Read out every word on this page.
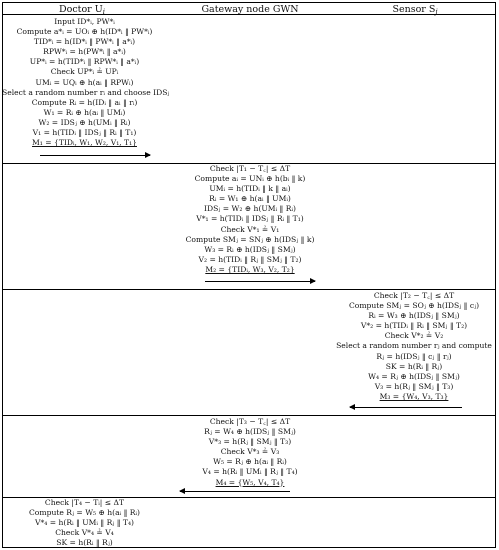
Doctor $U_i$	Gateway node GWN	Sensor $S_j$
Input ID*ᵢ, PW*ᵢ
Compute a*ᵢ = UOᵢ ⊕ h(ID*ᵢ ‖ PW*ᵢ)
TID*ᵢ = h(ID*ᵢ ‖ PW*ᵢ ‖ a*ᵢ)
RPW*ᵢ = h(PW*ᵢ ‖ a*ᵢ)
UP*ᵢ = h(TID*ᵢ ‖ RPW*ᵢ ‖ a*ᵢ)
Check UP*ᵢ ≟ UPᵢ
UMᵢ = UQᵢ ⊕ h(aᵢ ‖ RPWᵢ)
Select a random number rᵢ and choose IDSⱼ
Compute Rᵢ = h(IDᵢ ‖ aᵢ ‖ rᵢ)
W₁ = Rᵢ ⊕ h(aᵢ ‖ UMᵢ)
W₂ = IDSⱼ ⊕ h(UMᵢ ‖ Rᵢ)
V₁ = h(TIDᵢ ‖ IDSⱼ ‖ Rᵢ ‖ T₁)
M₁ = {TIDᵢ, W₁, W₂, V₁, T₁}
Check |T₁ − T꜀| ≤ ΔT
Compute aᵢ = UNᵢ ⊕ h(bᵢ ‖ k)
UMᵢ = h(TIDᵢ ‖ k ‖ aᵢ)
Rᵢ = W₁ ⊕ h(aᵢ ‖ UMᵢ)
IDSⱼ = W₂ ⊕ h(UMᵢ ‖ Rᵢ)
V*₁ = h(TIDᵢ ‖ IDSⱼ ‖ Rᵢ ‖ T₁)
Check V*₁ ≟ V₁
Compute SMⱼ = SNⱼ ⊕ h(IDSⱼ ‖ k)
W₃ = Rᵢ ⊕ h(IDSⱼ ‖ SMⱼ)
V₂ = h(TIDᵢ ‖ Rⱼ ‖ SMⱼ ‖ T₂)
M₂ = {TIDᵢ, W₃, V₂, T₂}
Check |T₂ − T꜀| ≤ ΔT
Compute SMⱼ = SOⱼ ⊕ h(IDSⱼ ‖ cⱼ)
Rᵢ = W₃ ⊕ h(IDSⱼ ‖ SMⱼ)
V*₂ = h(TIDᵢ ‖ Rᵢ ‖ SMⱼ ‖ T₂)
Check V*₂ ≟ V₂
Select a random number rⱼ and compute
Rⱼ = h(IDSⱼ ‖ cⱼ ‖ rⱼ)
SK = h(Rᵢ ‖ Rⱼ)
W₄ = Rⱼ ⊕ h(IDSⱼ ‖ SMⱼ)
V₃ = h(Rⱼ ‖ SMⱼ ‖ T₃)
M₃ = {W₄, V₃, T₃}
Check |T₃ − T꜀| ≤ ΔT
Rⱼ = W₄ ⊕ h(IDSⱼ ‖ SMⱼ)
V*₃ = h(Rⱼ ‖ SMⱼ ‖ T₃)
Check V*₃ ≟ V₃
W₅ = Rⱼ ⊕ h(aᵢ ‖ Rᵢ)
V₄ = h(Rᵢ ‖ UMᵢ ‖ Rⱼ ‖ T₄)
M₄ = {W₅, V₄, T₄}
Check |T₄ − Tᵢ| ≤ ΔT
Compute Rⱼ = W₅ ⊕ h(aᵢ ‖ Rᵢ)
V*₄ = h(Rᵢ ‖ UMᵢ ‖ Rⱼ ‖ T₄)
Check V*₄ ≟ V₄
SK = h(Rᵢ ‖ Rⱼ)
